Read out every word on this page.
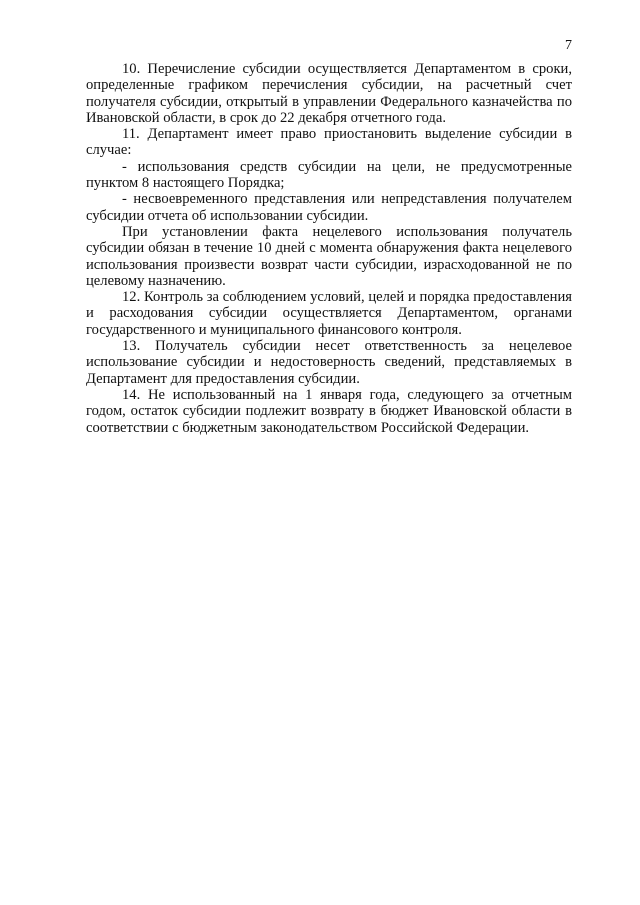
7

10. Перечисление субсидии осуществляется Департаментом в сроки, определенные графиком перечисления субсидии, на расчетный счет получателя субсидии, открытый в управлении Федерального казначейства по Ивановской области, в срок до 22 декабря отчетного года.

11. Департамент имеет право приостановить выделение субсидии в случае:

- использования средств субсидии на цели, не предусмотренные пунктом 8 настоящего Порядка;

- несвоевременного представления или непредставления получателем субсидии отчета об использовании субсидии.

При установлении факта нецелевого использования получатель субсидии обязан в течение 10 дней с момента обнаружения факта нецелевого использования произвести возврат части субсидии, израсходованной не по целевому назначению.

12. Контроль за соблюдением условий, целей и порядка предоставления и расходования субсидии осуществляется Департаментом, органами государственного и муниципального финансового контроля.

13. Получатель субсидии несет ответственность за нецелевое использование субсидии и недостоверность сведений, представляемых в Департамент для предоставления субсидии.

14. Не использованный на 1 января года, следующего за отчетным годом, остаток субсидии подлежит возврату в бюджет Ивановской области в соответствии с бюджетным законодательством Российской Федерации.
